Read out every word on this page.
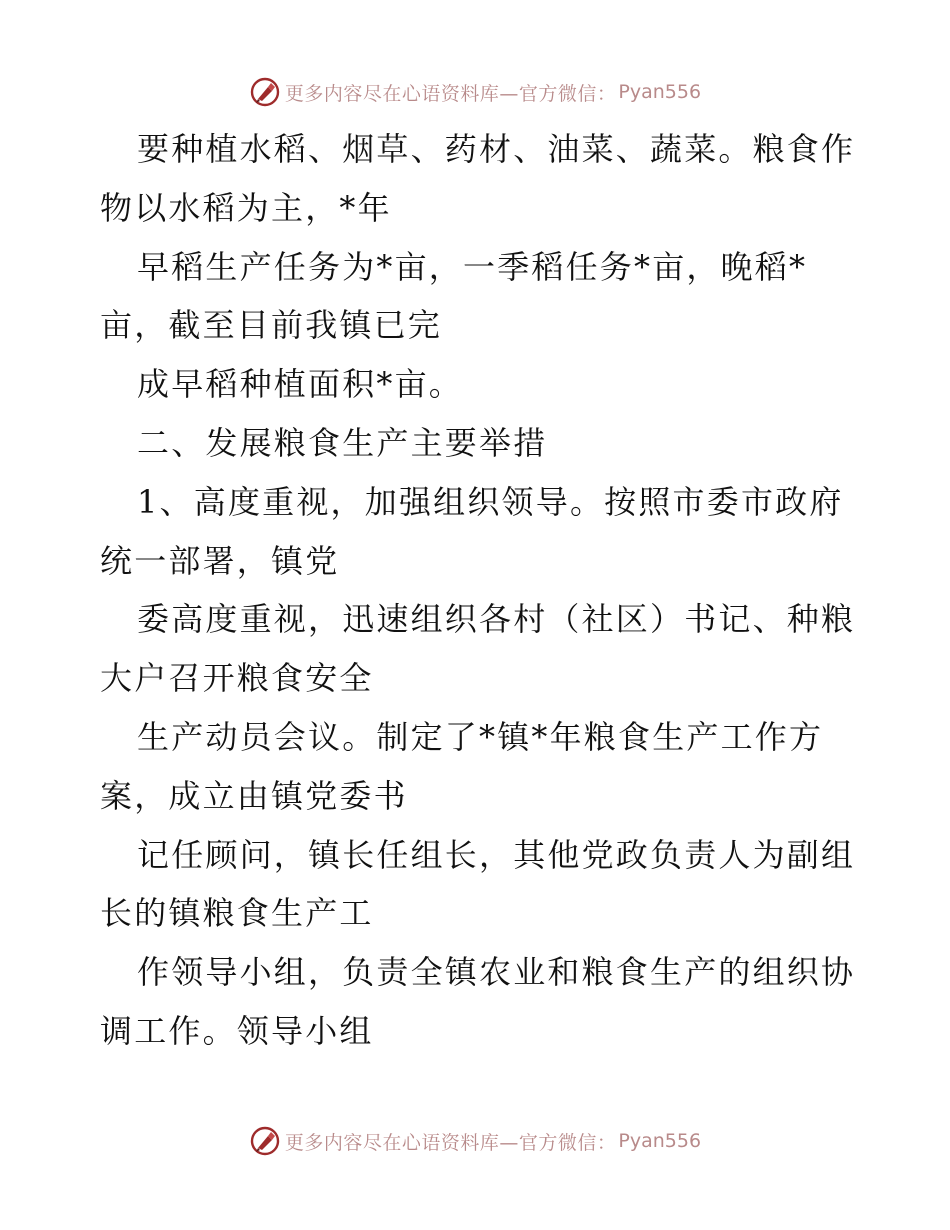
更多内容尽在心语资料库—官方微信： Pyan556
要种植水稻、烟草、药材、油菜、蔬菜。粮食作
物以水稻为主，*年
早稻生产任务为*亩，一季稻任务*亩，晚稻*
亩，截至目前我镇已完
成早稻种植面积*亩。
二、发展粮食生产主要举措
1、高度重视，加强组织领导。按照市委市政府
统一部署，镇党
委高度重视，迅速组织各村（社区）书记、种粮
大户召开粮食安全
生产动员会议。制定了*镇*年粮食生产工作方
案，成立由镇党委书
记任顾问，镇长任组长，其他党政负责人为副组
长的镇粮食生产工
作领导小组，负责全镇农业和粮食生产的组织协
调工作。领导小组
更多内容尽在心语资料库—官方微信： Pyan556
